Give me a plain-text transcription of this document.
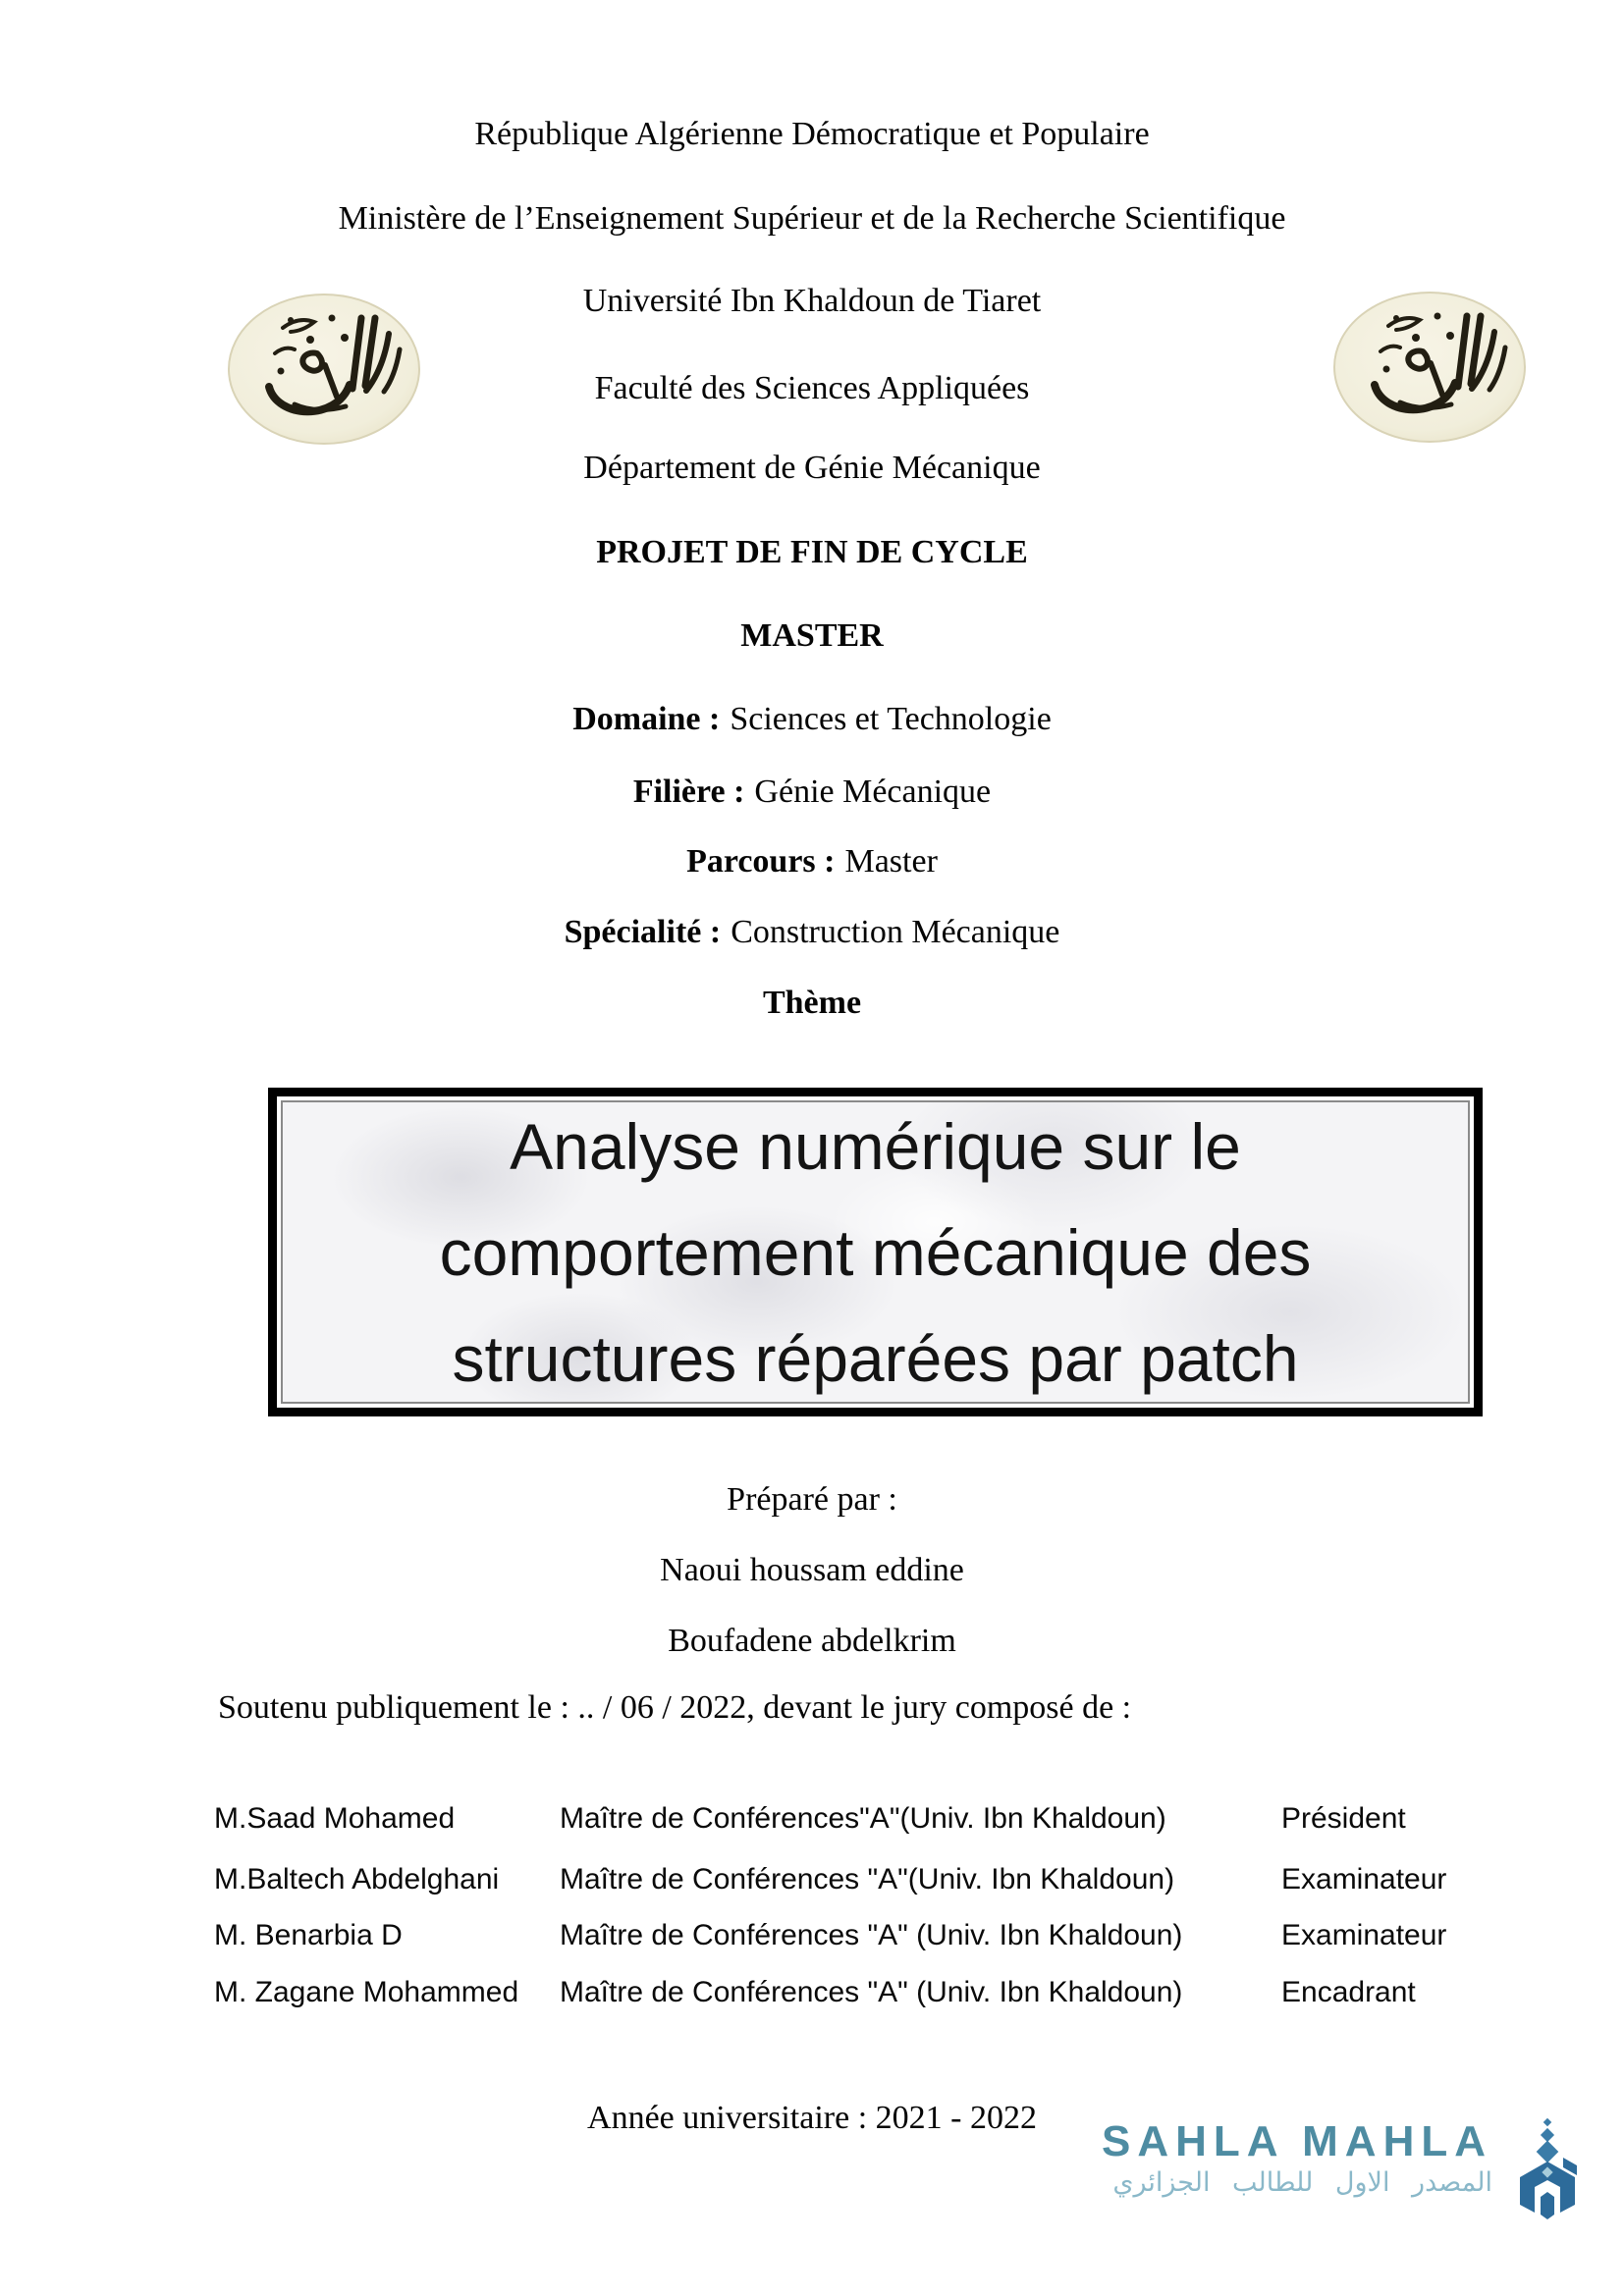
République Algérienne Démocratique et Populaire
Ministère de l’Enseignement Supérieur et de la Recherche Scientifique
Université Ibn Khaldoun de Tiaret
Faculté des Sciences Appliquées
Département de Génie Mécanique
PROJET DE FIN DE CYCLE
MASTER
Domaine : Sciences et Technologie
Filière : Génie Mécanique
Parcours : Master
Spécialité : Construction Mécanique
Thème
Analyse numérique sur le
comportement mécanique des
structures réparées par patch
Préparé par :
Naoui houssam eddine
Boufadene abdelkrim
Soutenu publiquement le : .. / 06 / 2022, devant le jury composé de :
M.Saad Mohamed	Maître de Conférences"A"(Univ. Ibn Khaldoun)	Président
M.Baltech Abdelghani	Maître de Conférences "A"(Univ. Ibn Khaldoun)	Examinateur
M. Benarbia D	Maître de Conférences "A" (Univ. Ibn Khaldoun)	Examinateur
M. Zagane Mohammed	Maître de Conférences "A" (Univ. Ibn Khaldoun)	Encadrant
Année universitaire : 2021 - 2022	SAHLA MAHLA
المصدر الاول للطالب الجزائري
